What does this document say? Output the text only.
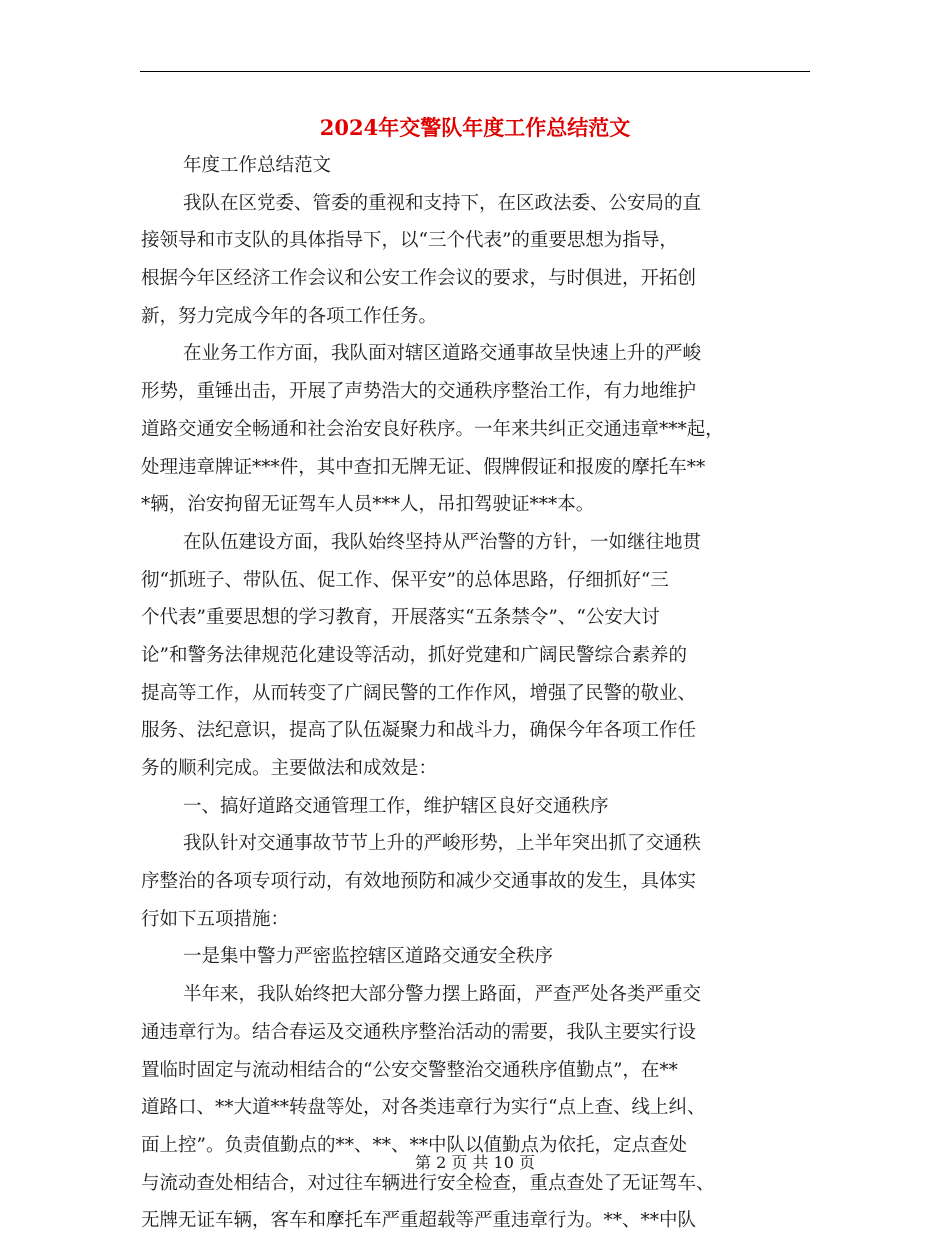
2024年交警队年度工作总结范文
年度工作总结范文
我队在区党委、管委的重视和支持下，在区政法委、公安局的直
接领导和市支队的具体指导下，以“三个代表”的重要思想为指导，
根据今年区经济工作会议和公安工作会议的要求，与时俱进，开拓创
新，努力完成今年的各项工作任务。
在业务工作方面，我队面对辖区道路交通事故呈快速上升的严峻
形势，重锤出击，开展了声势浩大的交通秩序整治工作，有力地维护
道路交通安全畅通和社会治安良好秩序。一年来共纠正交通违章***起，
处理违章牌证***件，其中查扣无牌无证、假牌假证和报废的摩托车**
*辆，治安拘留无证驾车人员***人，吊扣驾驶证***本。
在队伍建设方面，我队始终坚持从严治警的方针，一如继往地贯
彻“抓班子、带队伍、促工作、保平安”的总体思路，仔细抓好“三
个代表”重要思想的学习教育，开展落实“五条禁令”、“公安大讨
论”和警务法律规范化建设等活动，抓好党建和广阔民警综合素养的
提高等工作，从而转变了广阔民警的工作作风，增强了民警的敬业、
服务、法纪意识，提高了队伍凝聚力和战斗力，确保今年各项工作任
务的顺利完成。主要做法和成效是：
一、搞好道路交通管理工作，维护辖区良好交通秩序
我队针对交通事故节节上升的严峻形势，上半年突出抓了交通秩
序整治的各项专项行动，有效地预防和减少交通事故的发生，具体实
行如下五项措施：
一是集中警力严密监控辖区道路交通安全秩序
半年来，我队始终把大部分警力摆上路面，严查严处各类严重交
通违章行为。结合春运及交通秩序整治活动的需要，我队主要实行设
置临时固定与流动相结合的“公安交警整治交通秩序值勤点”，在**
道路口、**大道**转盘等处，对各类违章行为实行“点上查、线上纠、
面上控”。负责值勤点的**、**、**中队以值勤点为依托，定点查处
与流动查处相结合，对过往车辆进行安全检查，重点查处了无证驾车、
无牌无证车辆，客车和摩托车严重超载等严重违章行为。**、**中队
第 2 页 共 10 页
